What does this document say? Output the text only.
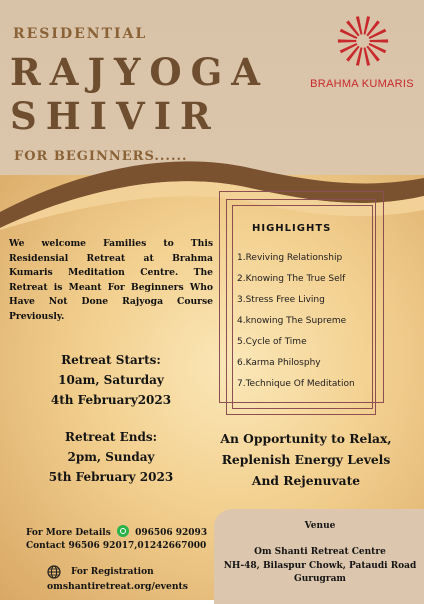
RESIDENTIAL
RAJYOGA
SHIVIR
FOR BEGINNERS......
BRAHMA KUMARIS
We welcome Families to This Residensial Retreat at Brahma Kumaris Meditation Centre. The Retreat is Meant For Beginners Who Have Not Done Rajyoga Course Previously.
Retreat Starts:
10am, Saturday
4th February2023
Retreat Ends:
2pm, Sunday
5th February 2023
HIGHLIGHTS
1.Reviving Relationship
2.Knowing The True Self
3.Stress Free Living
4.knowing The Supreme
5.Cycle of Time
6.Karma Philosphy
7.Technique Of Meditation
An Opportunity to Relax,
Replenish Energy Levels
And Rejenuvate
For More Details	096506 92093
Contact 96506 92017,01242667000
For Registration
omshantiretreat.org/events
Venue
Om Shanti Retreat Centre
NH-48, Bilaspur Chowk, Pataudi Road
Gurugram
